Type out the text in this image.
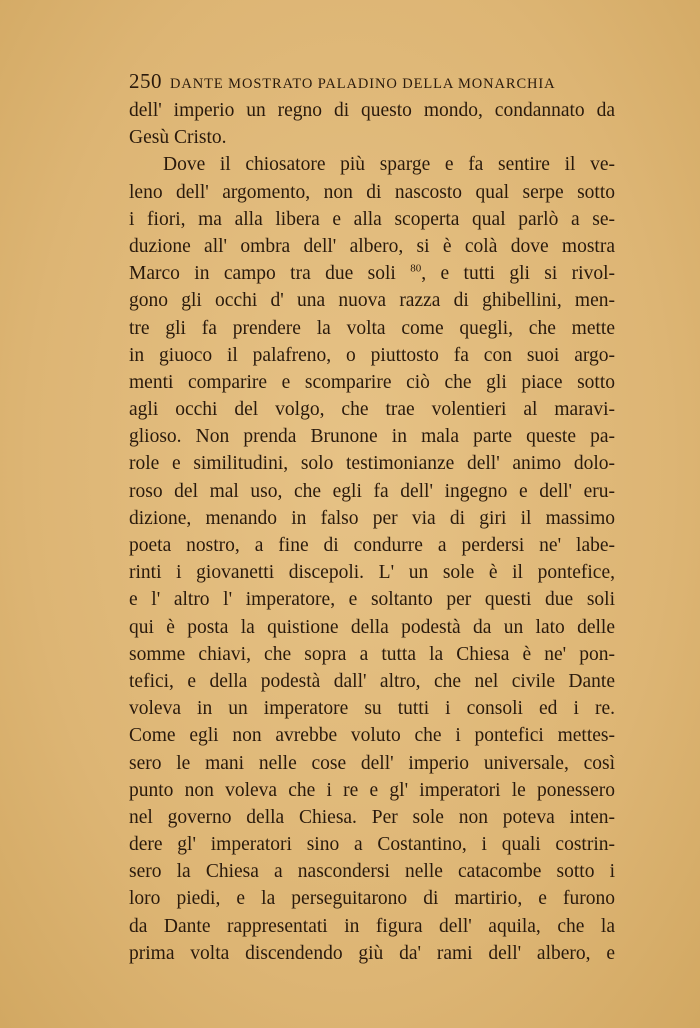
250 DANTE MOSTRATO PALADINO DELLA MONARCHIA
dell' imperio un regno di questo mondo, condannato da
Gesù Cristo.
Dove il chiosatore più sparge e fa sentire il ve-
leno dell' argomento, non di nascosto qual serpe sotto
i fiori, ma alla libera e alla scoperta qual parlò a se-
duzione all' ombra dell' albero, si è colà dove mostra
Marco in campo tra due soli $^{80}$, e tutti gli si rivol-
gono gli occhi d' una nuova razza di ghibellini, men-
tre gli fa prendere la volta come quegli, che mette
in giuoco il palafreno, o piuttosto fa con suoi argo-
menti comparire e scomparire ciò che gli piace sotto
agli occhi del volgo, che trae volentieri al maravi-
glioso. Non prenda Brunone in mala parte queste pa-
role e similitudini, solo testimonianze dell' animo dolo-
roso del mal uso, che egli fa dell' ingegno e dell' eru-
dizione, menando in falso per via di giri il massimo
poeta nostro, a fine di condurre a perdersi ne' labe-
rinti i giovanetti discepoli. L' un sole è il pontefice,
e l' altro l' imperatore, e soltanto per questi due soli
qui è posta la quistione della podestà da un lato delle
somme chiavi, che sopra a tutta la Chiesa è ne' pon-
tefici, e della podestà dall' altro, che nel civile Dante
voleva in un imperatore su tutti i consoli ed i re.
Come egli non avrebbe voluto che i pontefici mettes-
sero le mani nelle cose dell' imperio universale, così
punto non voleva che i re e gl' imperatori le ponessero
nel governo della Chiesa. Per sole non poteva inten-
dere gl' imperatori sino a Costantino, i quali costrin-
sero la Chiesa a nascondersi nelle catacombe sotto i
loro piedi, e la perseguitarono di martirio, e furono
da Dante rappresentati in figura dell' aquila, che la
prima volta discendendo giù da' rami dell' albero, e
